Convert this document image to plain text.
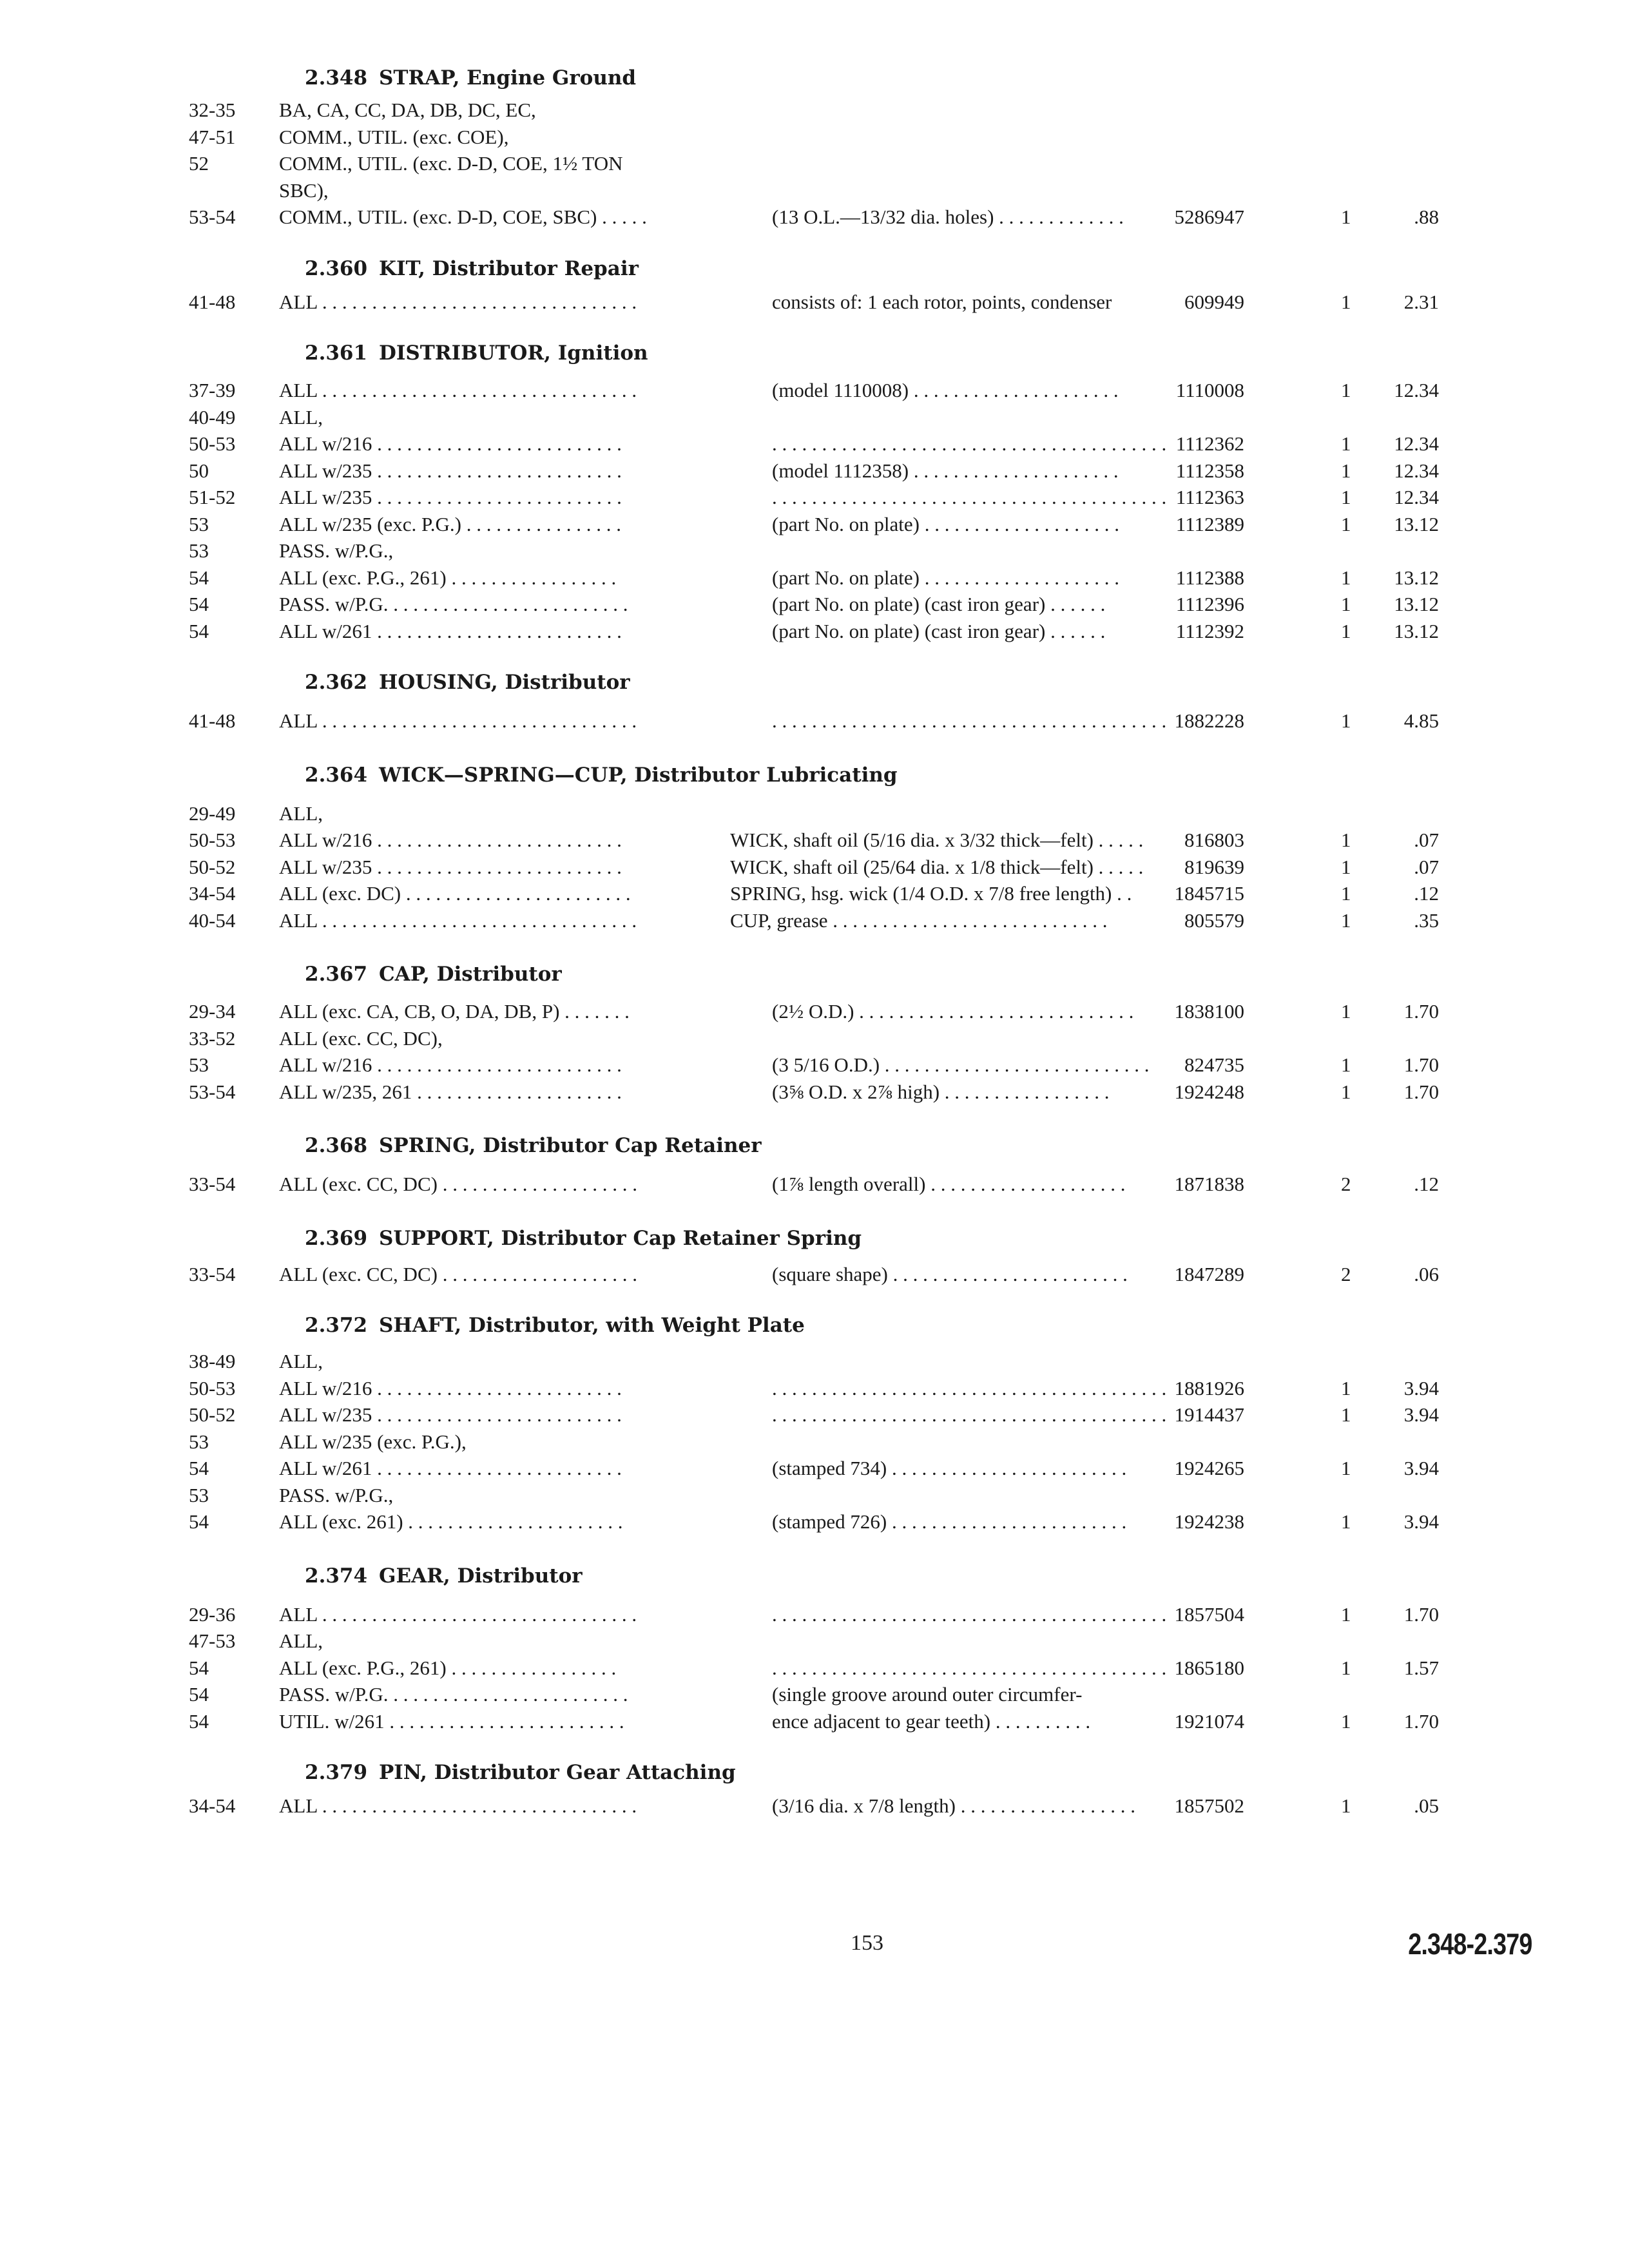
2.348 STRAP, Engine Ground
32-35 BA, CA, CC, DA, DB, DC, EC,
47-51 COMM., UTIL. (exc. COE),
52	COMM., UTIL. (exc. D-D, COE, 1½ TON
SBC),
53-54 COMM., UTIL. (exc. D-D, COE, SBC) . . . . .	(13 O.L.—13/32 dia. holes) . . . . . . . . . . . . .	5286947	1	.88
2.360 KIT, Distributor Repair
41-48 ALL . . . . . . . . . . . . . . . . . . . . . . . . . . . . . . . .	consists of: 1 each rotor, points, condenser	609949	1	2.31
2.361 DISTRIBUTOR, Ignition
37-39 ALL . . . . . . . . . . . . . . . . . . . . . . . . . . . . . . . .	(model 1110008) . . . . . . . . . . . . . . . . . . . . .	1110008	1 12.34
40-49 ALL,
50-53 ALL w/216 . . . . . . . . . . . . . . . . . . . . . . . . .	. . . . . . . . . . . . . . . . . . . . . . . . . . . . . . . . . . . . . . . . 1112362	1 12.34
50	ALL w/235 . . . . . . . . . . . . . . . . . . . . . . . . .	(model 1112358) . . . . . . . . . . . . . . . . . . . . .	1112358	1 12.34
51-52 ALL w/235 . . . . . . . . . . . . . . . . . . . . . . . . .	. . . . . . . . . . . . . . . . . . . . . . . . . . . . . . . . . . . . . . . . 1112363	1 12.34
53	ALL w/235 (exc. P.G.) . . . . . . . . . . . . . . . .	(part No. on plate) . . . . . . . . . . . . . . . . . . . .	1112389	1 13.12
53	PASS. w/P.G.,
54	ALL (exc. P.G., 261) . . . . . . . . . . . . . . . . .	(part No. on plate) . . . . . . . . . . . . . . . . . . . .	1112388	1 13.12
54	PASS. w/P.G. . . . . . . . . . . . . . . . . . . . . . . . .	(part No. on plate) (cast iron gear) . . . . . .	1112396	1 13.12
54	ALL w/261 . . . . . . . . . . . . . . . . . . . . . . . . .	(part No. on plate) (cast iron gear) . . . . . .	1112392	1 13.12
2.362 HOUSING, Distributor
41-48 ALL . . . . . . . . . . . . . . . . . . . . . . . . . . . . . . . .	. . . . . . . . . . . . . . . . . . . . . . . . . . . . . . . . . . . . . . . . 1882228	1	4.85
2.364 WICK—SPRING—CUP, Distributor Lubricating
29-49 ALL,
50-53 ALL w/216 . . . . . . . . . . . . . . . . . . . . . . . . .	WICK, shaft oil (5/16 dia. x 3/32 thick—felt) . . . . . 816803	1	.07
50-52 ALL w/235 . . . . . . . . . . . . . . . . . . . . . . . . .	WICK, shaft oil (25/64 dia. x 1/8 thick—felt) . . . . . 819639	1	.07
34-54 ALL (exc. DC) . . . . . . . . . . . . . . . . . . . . . . .	SPRING, hsg. wick (1/4 O.D. x 7/8 free length) . . 1845715	1	.12
40-54 ALL . . . . . . . . . . . . . . . . . . . . . . . . . . . . . . . .	CUP, grease . . . . . . . . . . . . . . . . . . . . . . . . . . . .	805579	1	.35
2.367 CAP, Distributor
29-34 ALL (exc. CA, CB, O, DA, DB, P) . . . . . . .	(2½ O.D.) . . . . . . . . . . . . . . . . . . . . . . . . . . . . 1838100	1	1.70
33-52 ALL (exc. CC, DC),
53	ALL w/216 . . . . . . . . . . . . . . . . . . . . . . . . .	(3 5/16 O.D.) . . . . . . . . . . . . . . . . . . . . . . . . . . . 824735	1	1.70
53-54 ALL w/235, 261 . . . . . . . . . . . . . . . . . . . . .	(3⅝ O.D. x 2⅞ high) . . . . . . . . . . . . . . . . .	1924248	1	1.70
2.368 SPRING, Distributor Cap Retainer
33-54 ALL (exc. CC, DC) . . . . . . . . . . . . . . . . . . . .	(1⅞ length overall) . . . . . . . . . . . . . . . . . . . . 1871838	2	.12
2.369 SUPPORT, Distributor Cap Retainer Spring
33-54 ALL (exc. CC, DC) . . . . . . . . . . . . . . . . . . . .	(square shape) . . . . . . . . . . . . . . . . . . . . . . . . 1847289	2	.06
2.372 SHAFT, Distributor, with Weight Plate
38-49 ALL,
50-53 ALL w/216 . . . . . . . . . . . . . . . . . . . . . . . . .	. . . . . . . . . . . . . . . . . . . . . . . . . . . . . . . . . . . . . . . . 1881926	1	3.94
50-52 ALL w/235 . . . . . . . . . . . . . . . . . . . . . . . . .	. . . . . . . . . . . . . . . . . . . . . . . . . . . . . . . . . . . . . . . . 1914437	1	3.94
53	ALL w/235 (exc. P.G.),
54	ALL w/261 . . . . . . . . . . . . . . . . . . . . . . . . .	(stamped 734) . . . . . . . . . . . . . . . . . . . . . . . . 1924265	1	3.94
53	PASS. w/P.G.,
54	ALL (exc. 261) . . . . . . . . . . . . . . . . . . . . . .	(stamped 726) . . . . . . . . . . . . . . . . . . . . . . . . 1924238	1	3.94
2.374 GEAR, Distributor
29-36 ALL . . . . . . . . . . . . . . . . . . . . . . . . . . . . . . . .	. . . . . . . . . . . . . . . . . . . . . . . . . . . . . . . . . . . . . . . . 1857504	1	1.70
47-53 ALL,
54	ALL (exc. P.G., 261) . . . . . . . . . . . . . . . . .	. . . . . . . . . . . . . . . . . . . . . . . . . . . . . . . . . . . . . . . . 1865180	1	1.57
54	PASS. w/P.G. . . . . . . . . . . . . . . . . . . . . . . . .	(single groove around outer circumfer-
54	UTIL. w/261 . . . . . . . . . . . . . . . . . . . . . . . .	ence adjacent to gear teeth) . . . . . . . . . .	1921074	1	1.70
2.379 PIN, Distributor Gear Attaching
34-54 ALL . . . . . . . . . . . . . . . . . . . . . . . . . . . . . . . .	(3/16 dia. x 7/8 length) . . . . . . . . . . . . . . . . . . 1857502	1	.05
153	2.348-2.379
